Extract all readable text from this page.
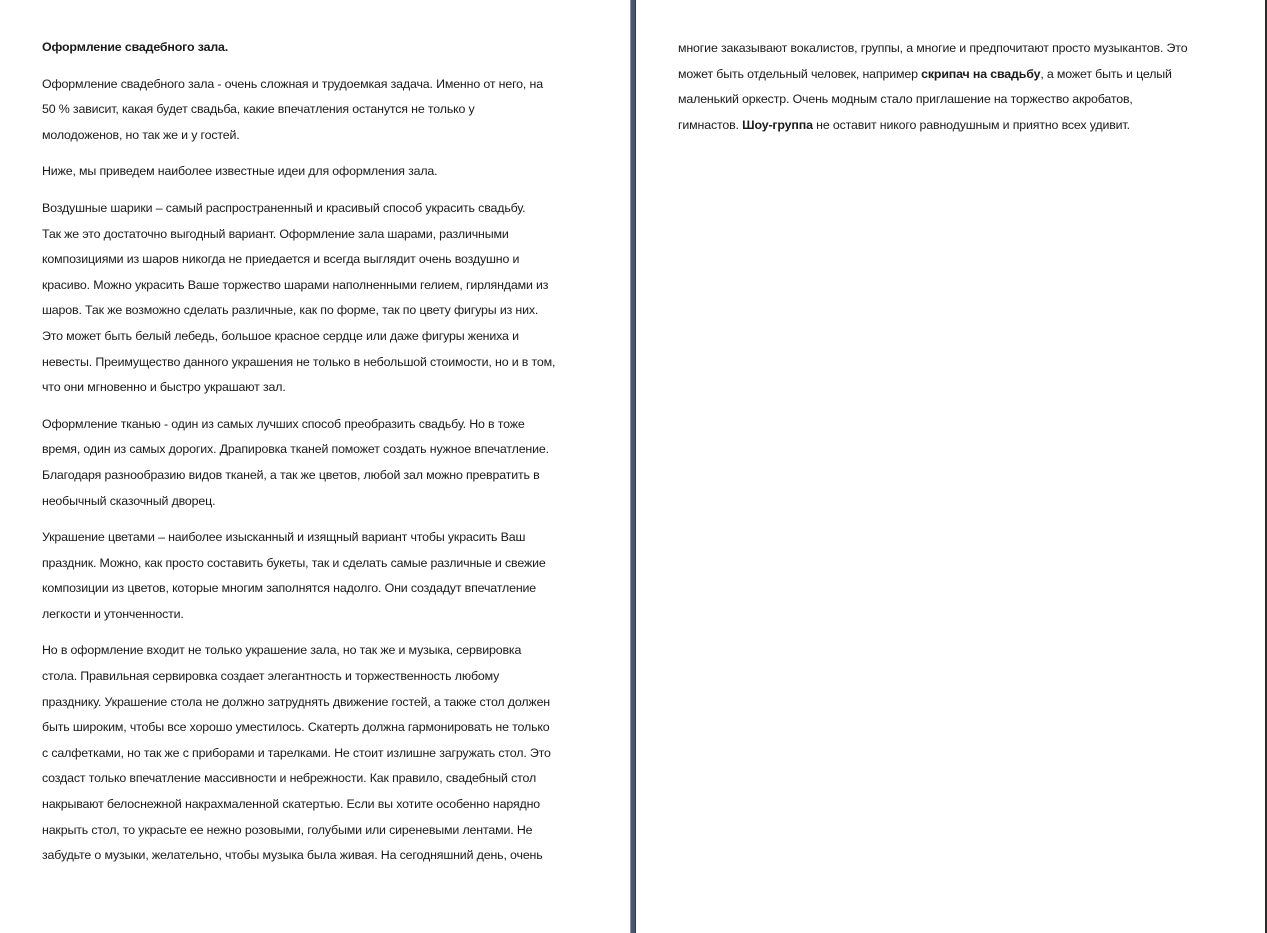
Оформление свадебного зала.
Оформление свадебного зала - очень сложная и трудоемкая задача. Именно от него, на
50 % зависит, какая будет свадьба, какие впечатления останутся не только у
молодоженов, но так же и у гостей.
Ниже, мы приведем наиболее известные идеи для оформления зала.
Воздушные шарики – самый распространенный и красивый способ украсить свадьбу.
Так же это достаточно выгодный вариант. Оформление зала шарами, различными
композициями из шаров никогда не приедается и всегда выглядит очень воздушно и
красиво. Можно украсить Ваше торжество шарами наполненными гелием, гирляндами из
шаров. Так же возможно сделать различные, как по форме, так по цвету фигуры из них.
Это может быть белый лебедь, большое красное сердце или даже фигуры жениха и
невесты. Преимущество данного украшения не только в небольшой стоимости, но и в том,
что они мгновенно и быстро украшают зал.
Оформление тканью - один из самых лучших способ преобразить свадьбу. Но в тоже
время, один из самых дорогих. Драпировка тканей поможет создать нужное впечатление.
Благодаря разнообразию видов тканей, а так же цветов, любой зал можно превратить в
необычный сказочный дворец.
Украшение цветами – наиболее изысканный и изящный вариант чтобы украсить Ваш
праздник. Можно, как просто составить букеты, так и сделать самые различные и свежие
композиции из цветов, которые многим заполнятся надолго. Они создадут впечатление
легкости и утонченности.
Но в оформление входит не только украшение зала, но так же и музыка, сервировка
стола. Правильная сервировка создает элегантность и торжественность любому
празднику. Украшение стола не должно затруднять движение гостей, а также стол должен
быть широким, чтобы все хорошо уместилось. Скатерть должна гармонировать не только
с салфетками, но так же с приборами и тарелками. Не стоит излишне загружать стол. Это
создаст только впечатление массивности и небрежности. Как правило, свадебный стол
накрывают белоснежной накрахмаленной скатертью. Если вы хотите особенно нарядно
накрыть стол, то украсьте ее нежно розовыми, голубыми или сиреневыми лентами. Не
забудьте о музыки, желательно, чтобы музыка была живая. На сегодняшний день, очень
многие заказывают вокалистов, группы, а многие и предпочитают просто музыкантов. Это
может быть отдельный человек, например скрипач на свадьбу, а может быть и целый
маленький оркестр. Очень модным стало приглашение на торжество акробатов,
гимнастов. Шоу-группа не оставит никого равнодушным и приятно всех удивит.
